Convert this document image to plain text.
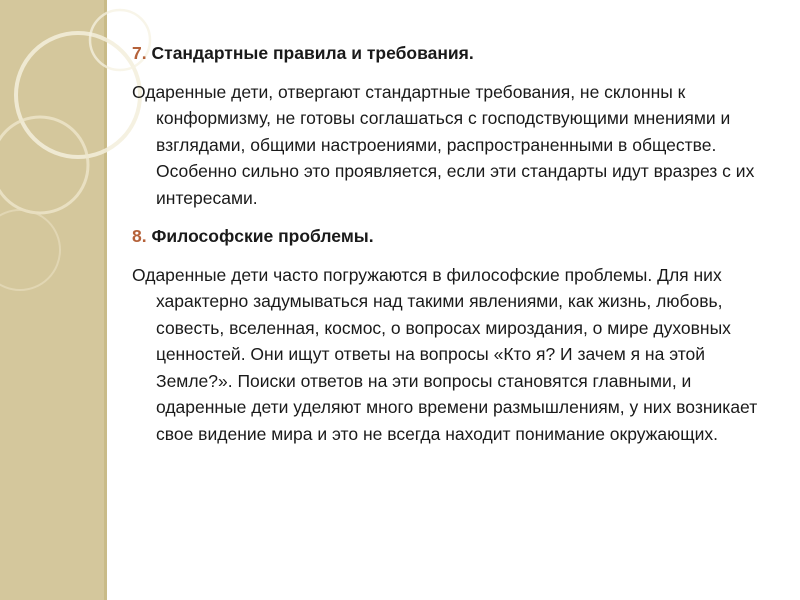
7. Стандартные правила и требования.

Одаренные дети, отвергают стандартные требования, не склонны к конформизму, не готовы соглашаться с господствующими мнениями и взглядами, общими настроениями, распространенными в обществе. Особенно сильно это проявляется, если эти стандарты идут вразрез с их интересами.

8. Философские проблемы.

Одаренные дети часто погружаются в философские проблемы. Для них характерно задумываться над такими явлениями, как жизнь, любовь, совесть, вселенная, космос, о вопросах мироздания, о мире духовных ценностей. Они ищут ответы на вопросы «Кто я? И зачем я на этой Земле?». Поиски ответов на эти вопросы становятся главными, и одаренные дети уделяют много времени размышлениям, у них возникает свое видение мира и это не всегда находит понимание окружающих.
